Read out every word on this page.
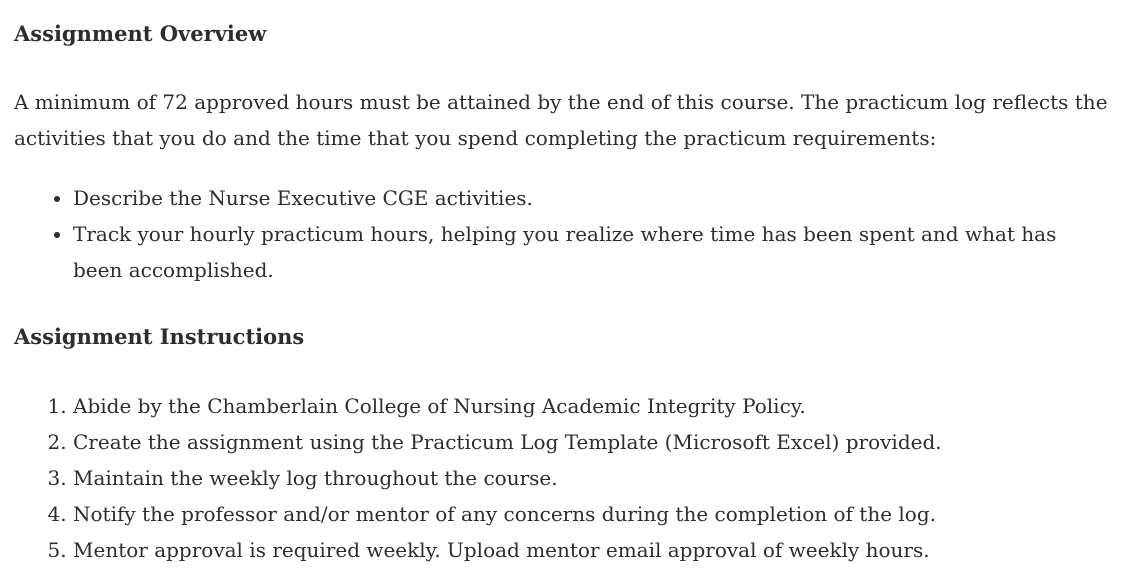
Assignment Overview

A minimum of 72 approved hours must be attained by the end of this course. The practicum log reflects the activities that you do and the time that you spend completing the practicum requirements:

• Describe the Nurse Executive CGE activities.
• Track your hourly practicum hours, helping you realize where time has been spent and what has been accomplished.
Assignment Instructions
1. Abide by the Chamberlain College of Nursing Academic Integrity Policy.
2. Create the assignment using the Practicum Log Template (Microsoft Excel) provided.
3. Maintain the weekly log throughout the course.
4. Notify the professor and/or mentor of any concerns during the completion of the log.
5. Mentor approval is required weekly. Upload mentor email approval of weekly hours.
